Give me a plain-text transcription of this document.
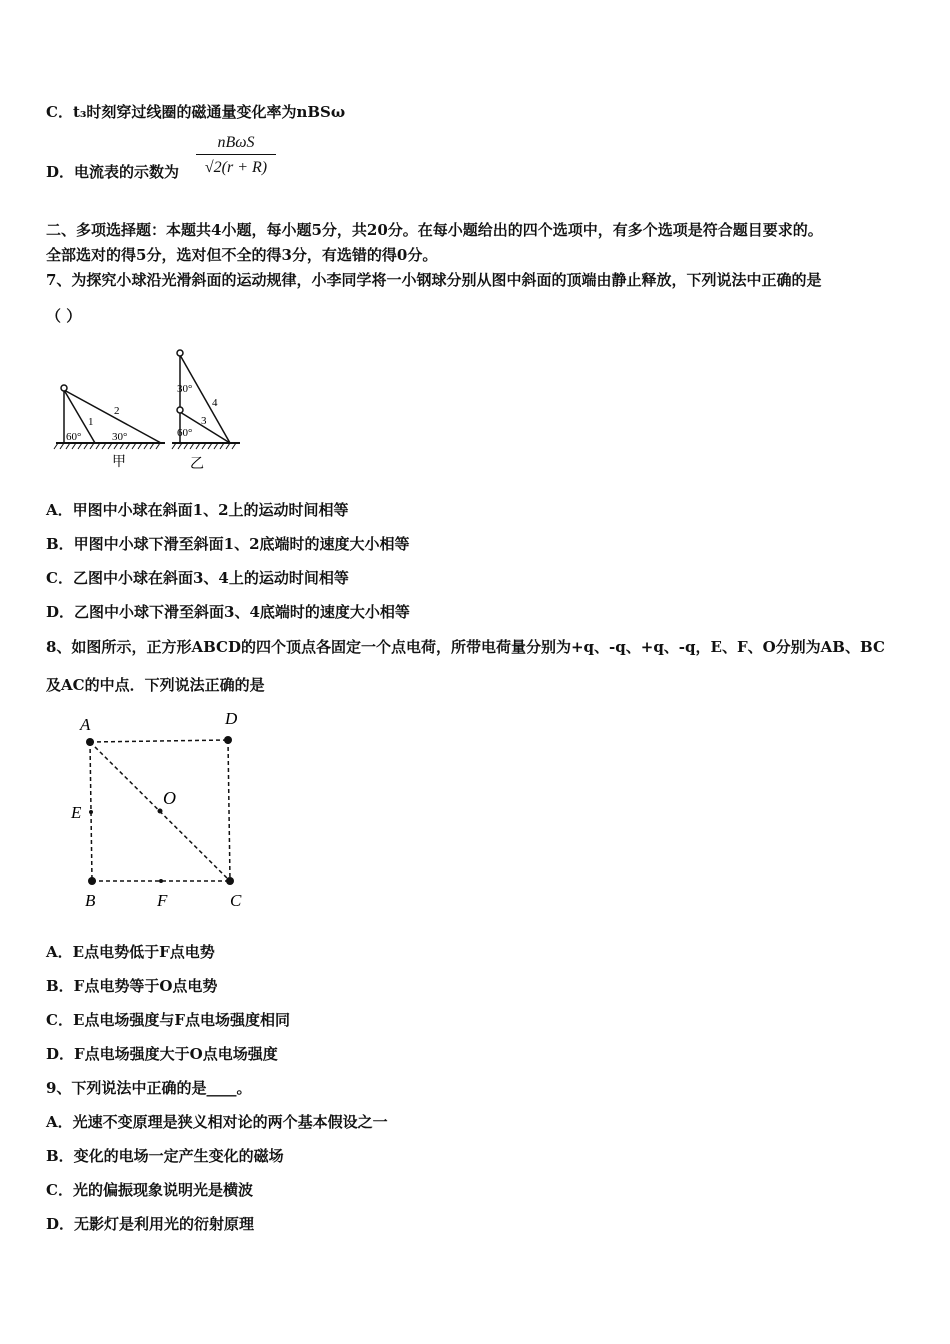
C．t₃时刻穿过线圈的磁通量变化率为nBSω
D．电流表的示数为
nBωS
√2(r + R)
二、多项选择题：本题共4小题，每小题5分，共20分。在每小题给出的四个选项中，有多个选项是符合题目要求的。
全部选对的得5分，选对但不全的得3分，有选错的得0分。
7、为探究小球沿光滑斜面的运动规律，小李同学将一小钢球分别从图中斜面的顶端由静止释放，下列说法中正确的是
（ ）
60°	30°
1
2
甲
30°
60°
3
4
乙
A．甲图中小球在斜面1、2上的运动时间相等
B．甲图中小球下滑至斜面1、2底端时的速度大小相等
C．乙图中小球在斜面3、4上的运动时间相等
D．乙图中小球下滑至斜面3、4底端时的速度大小相等
8、如图所示，正方形ABCD的四个顶点各固定一个点电荷，所带电荷量分别为+q、-q、+q、-q，E、F、O分别为AB、BC
及AC的中点．下列说法正确的是
A	D
E
O
B	F	C
A．E点电势低于F点电势
B．F点电势等于O点电势
C．E点电场强度与F点电场强度相同
D．F点电场强度大于O点电场强度
9、下列说法中正确的是____。
A．光速不变原理是狭义相对论的两个基本假设之一
B．变化的电场一定产生变化的磁场
C．光的偏振现象说明光是横波
D．无影灯是利用光的衍射原理
